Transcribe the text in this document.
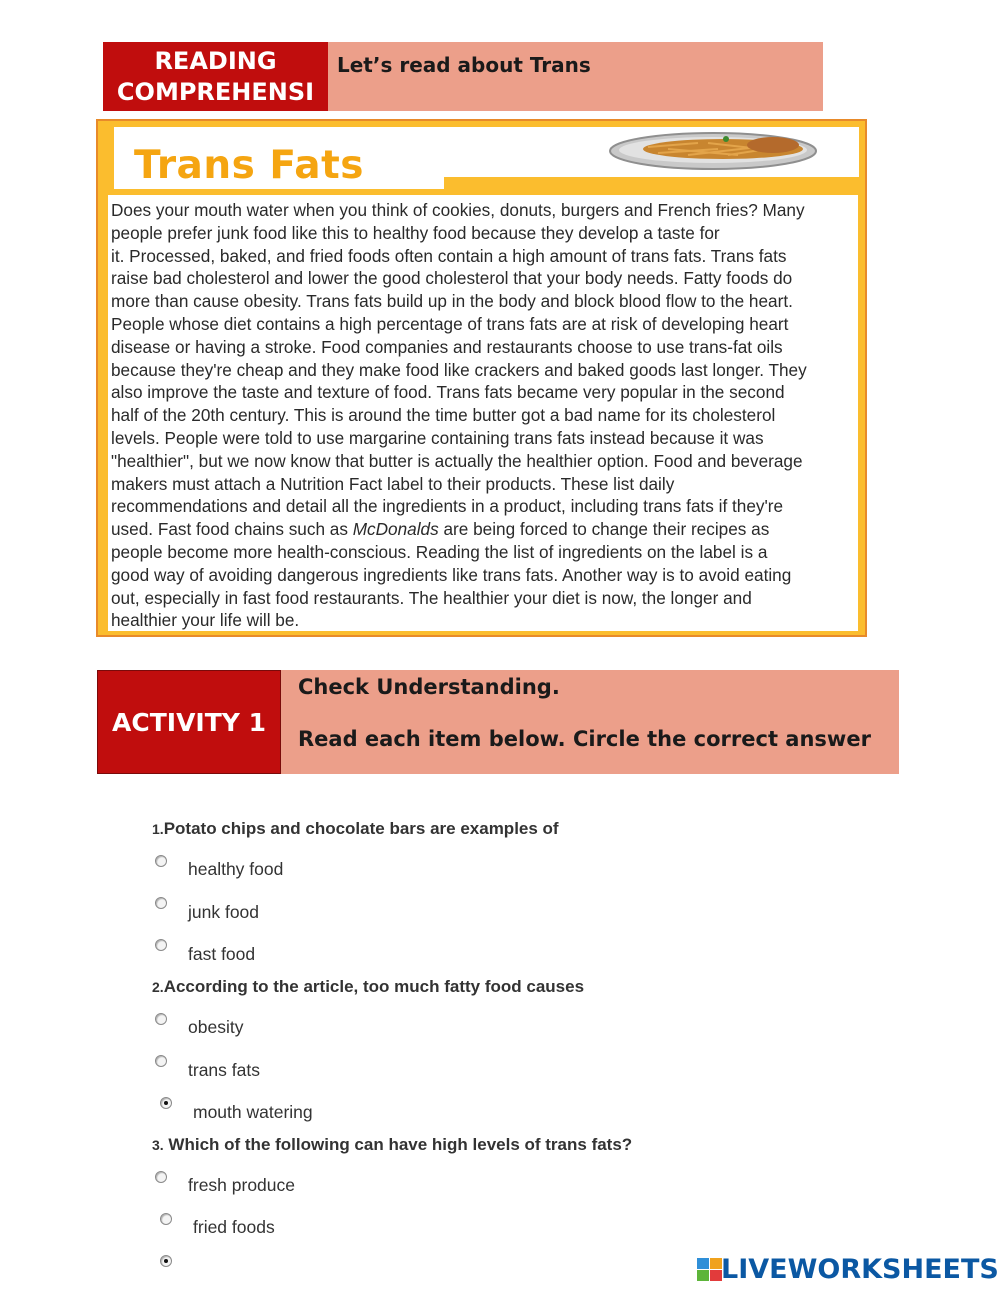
READING
COMPREHENSI
Let’s read about Trans
Trans Fats
Does your mouth water when you think of cookies, donuts, burgers and French fries? Many
people prefer junk food like this to healthy food because they develop a taste for
it. Processed, baked, and fried foods often contain a high amount of trans fats. Trans fats
raise bad cholesterol and lower the good cholesterol that your body needs. Fatty foods do
more than cause obesity. Trans fats build up in the body and block blood flow to the heart.
People whose diet contains a high percentage of trans fats are at risk of developing heart
disease or having a stroke. Food companies and restaurants choose to use trans-fat oils
because they're cheap and they make food like crackers and baked goods last longer. They
also improve the taste and texture of food. Trans fats became very popular in the second
half of the 20th century. This is around the time butter got a bad name for its cholesterol
levels. People were told to use margarine containing trans fats instead because it was
"healthier", but we now know that butter is actually the healthier option. Food and beverage
makers must attach a Nutrition Fact label to their products. These list daily
recommendations and detail all the ingredients in a product, including trans fats if they're
used. Fast food chains such as McDonalds are being forced to change their recipes as
people become more health-conscious. Reading the list of ingredients on the label is a
good way of avoiding dangerous ingredients like trans fats. Another way is to avoid eating
out, especially in fast food restaurants. The healthier your diet is now, the longer and
healthier your life will be.
ACTIVITY 1
Check Understanding.
Read each item below. Circle the correct answer
1.Potato chips and chocolate bars are examples of
healthy food
junk food
fast food
2.According to the article, too much fatty food causes
obesity
trans fats
mouth watering
3. Which of the following can have high levels of trans fats?
fresh produce
fried foods
LIVEWORKSHEETS
